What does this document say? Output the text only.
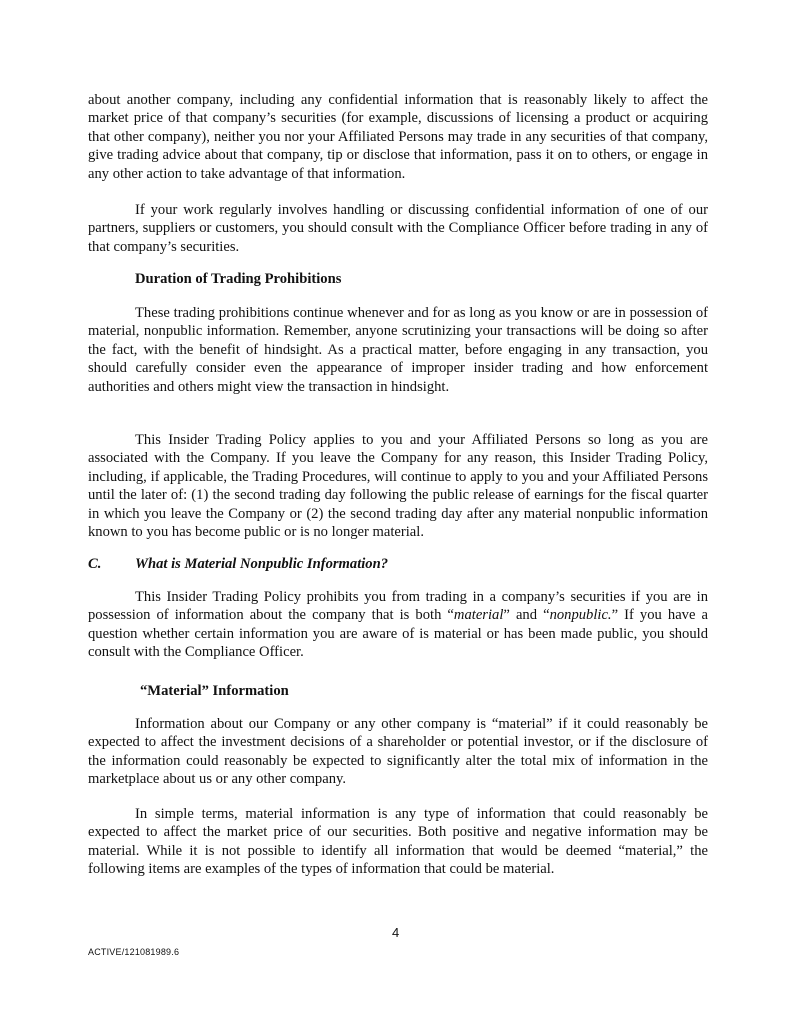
about another company, including any confidential information that is reasonably likely to affect the market price of that company’s securities (for example, discussions of licensing a product or acquiring that other company), neither you nor your Affiliated Persons may trade in any securities of that company, give trading advice about that company, tip or disclose that information, pass it on to others, or engage in any other action to take advantage of that information.

If your work regularly involves handling or discussing confidential information of one of our partners, suppliers or customers, you should consult with the Compliance Officer before trading in any of that company’s securities.

Duration of Trading Prohibitions

These trading prohibitions continue whenever and for as long as you know or are in possession of material, nonpublic information. Remember, anyone scrutinizing your transactions will be doing so after the fact, with the benefit of hindsight. As a practical matter, before engaging in any transaction, you should carefully consider even the appearance of improper insider trading and how enforcement authorities and others might view the transaction in hindsight.

This Insider Trading Policy applies to you and your Affiliated Persons so long as you are associated with the Company. If you leave the Company for any reason, this Insider Trading Policy, including, if applicable, the Trading Procedures, will continue to apply to you and your Affiliated Persons until the later of: (1) the second trading day following the public release of earnings for the fiscal quarter in which you leave the Company or (2) the second trading day after any material nonpublic information known to you has become public or is no longer material.

C. What is Material Nonpublic Information?

This Insider Trading Policy prohibits you from trading in a company’s securities if you are in possession of information about the company that is both “material” and “nonpublic.” If you have a question whether certain information you are aware of is material or has been made public, you should consult with the Compliance Officer.

“Material” Information

Information about our Company or any other company is “material” if it could reasonably be expected to affect the investment decisions of a shareholder or potential investor, or if the disclosure of the information could reasonably be expected to significantly alter the total mix of information in the marketplace about us or any other company.

In simple terms, material information is any type of information that could reasonably be expected to affect the market price of our securities. Both positive and negative information may be material. While it is not possible to identify all information that would be deemed “material,” the following items are examples of the types of information that could be material.

4

ACTIVE/121081989.6
